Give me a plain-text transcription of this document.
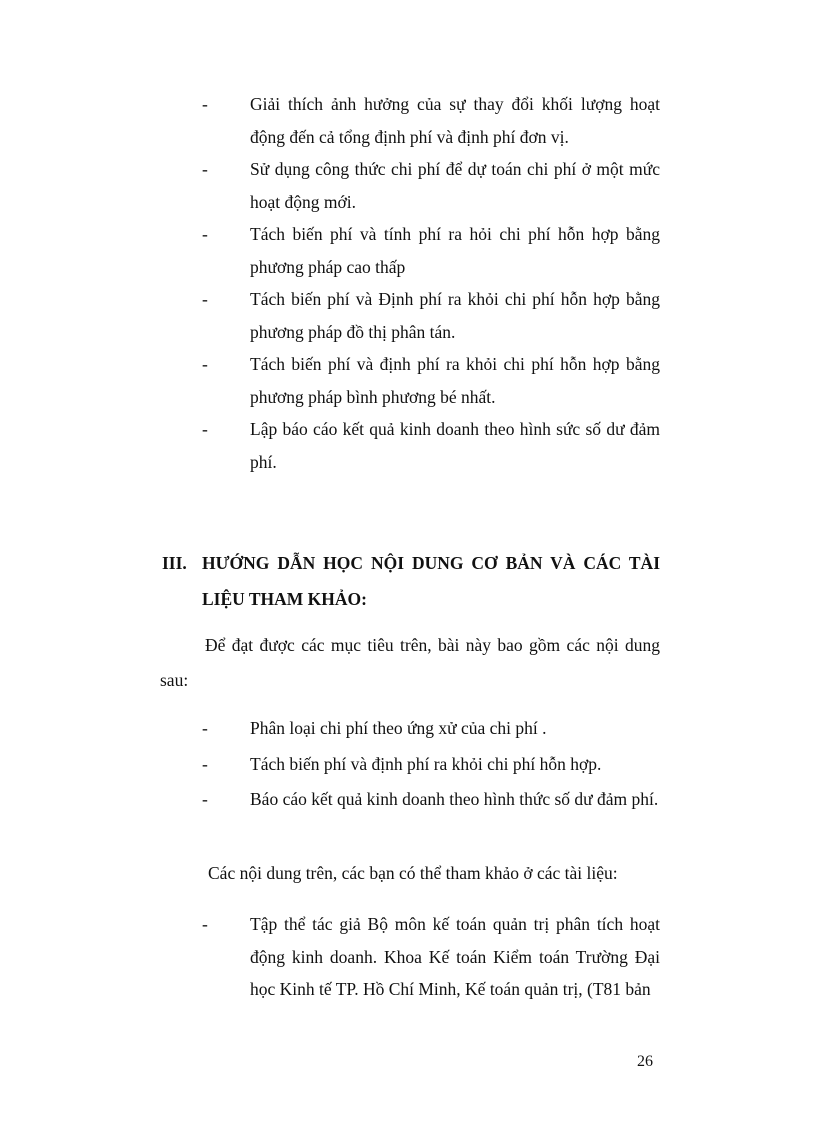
- Giải thích ảnh hưởng của sự thay đổi khối lượng hoạt động đến cả tổng định phí và định phí đơn vị.
- Sử dụng công thức chi phí để dự toán chi phí ở một mức hoạt động mới.
- Tách biến phí và tính phí ra hỏi chi phí hỗn hợp bằng phương pháp cao thấp
- Tách biến phí và Định phí ra khỏi chi phí hỗn hợp bằng phương pháp đồ thị phân tán.
- Tách biến phí và định phí ra khỏi chi phí hỗn hợp bằng phương pháp bình phương bé nhất.
- Lập báo cáo kết quả kinh doanh theo hình sức số dư đảm phí.
III. HƯỚNG DẪN HỌC NỘI DUNG CƠ BẢN VÀ CÁC TÀI LIỆU THAM KHẢO:

Để đạt được các mục tiêu trên, bài này bao gồm các nội dung sau:

- Phân loại chi phí theo ứng xử của chi phí .
- Tách biến phí và định phí ra khỏi chi phí hỗn hợp.
- Báo cáo kết quả kinh doanh theo hình thức số dư đảm phí.

Các nội dung trên, các bạn có thể tham khảo ở các tài liệu:

- Tập thể tác giả Bộ môn kế toán quản trị phân tích hoạt động kinh doanh. Khoa Kế toán Kiểm toán Trường Đại học Kinh tế TP. Hồ Chí Minh, Kế toán quản trị, (T81 bản
26
